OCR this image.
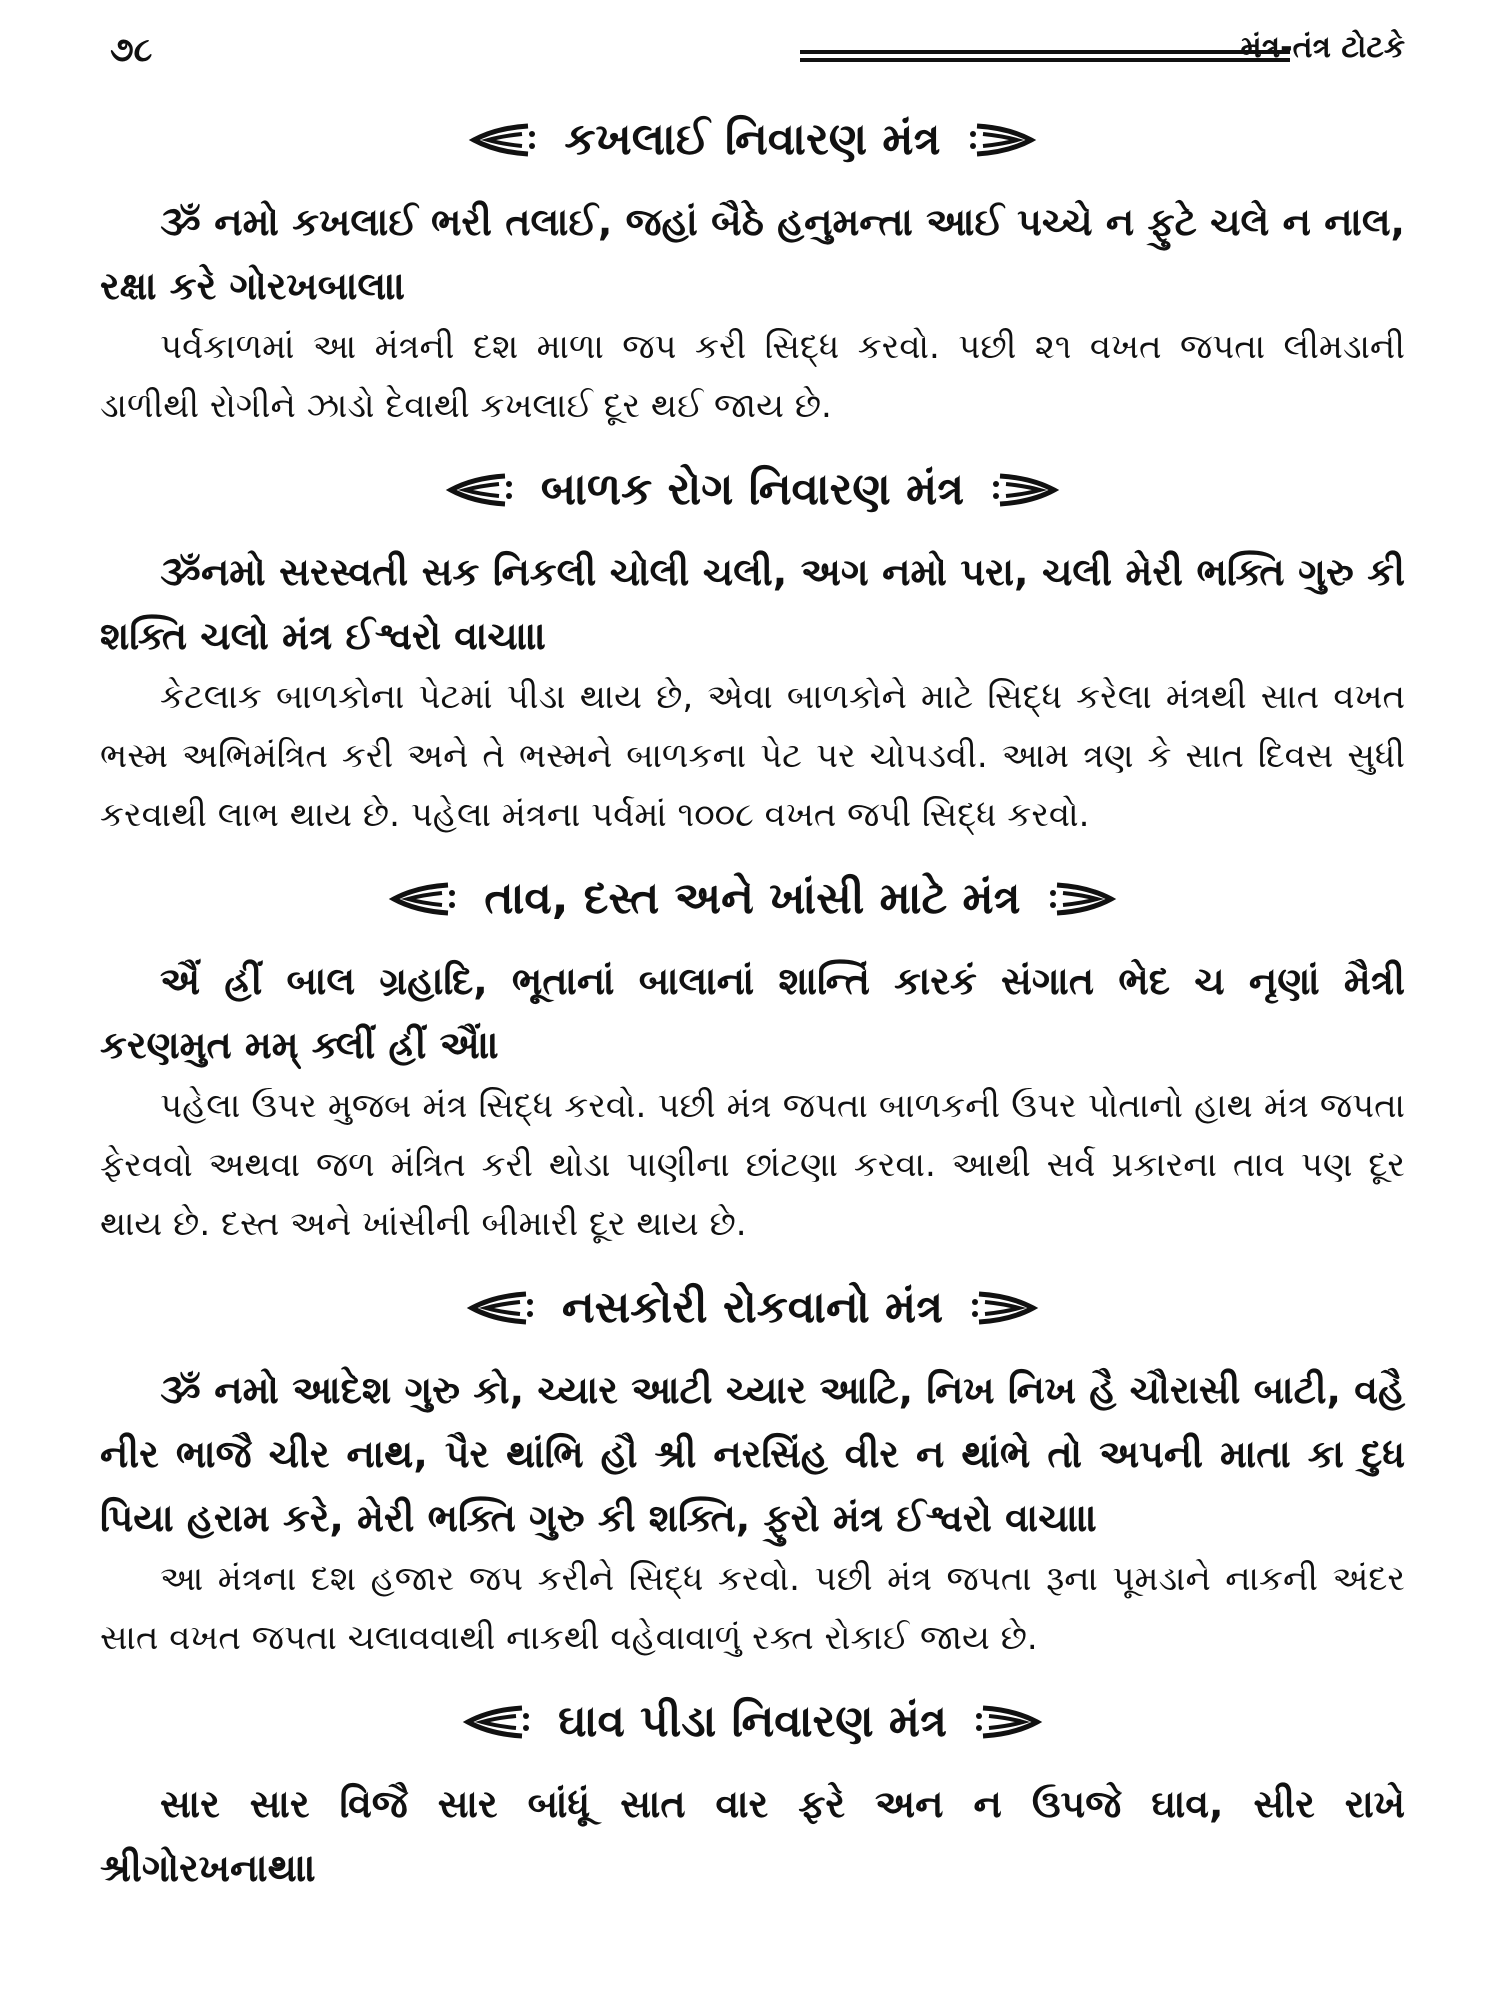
૭૮	મંત્ર-તંત્ર ટોટકે
કખલાઈ નિવારણ મંત્ર

ૐ નમો કખલાઈ ભરી તલાઈ, જહાં બૈઠે હનુમન્તા આઈ પચ્ચે ન ફુટે ચલે ન નાલ, રક્ષા કરે ગોરખબાલ॥

પર્વકાળમાં આ મંત્રની દશ માળા જપ કરી સિદ્ધ કરવો. પછી ૨૧ વખત જપતા લીમડાની ડાળીથી રોગીને ઝાડો દેવાથી કખલાઈ દૂર થઈ જાય છે.

બાળક રોગ નિવારણ મંત્ર

ૐનમો સરસ્વતી સક નિકલી ચોલી ચલી, અગ નમો પરા, ચલી મેરી ભક્તિ ગુરુ કી શક્તિ ચલો મંત્ર ઈશ્વરો વાચા॥

કેટલાક બાળકોના પેટમાં પીડા થાય છે, એવા બાળકોને માટે સિદ્ધ કરેલા મંત્રથી સાત વખત ભસ્મ અભિમંત્રિત કરી અને તે ભસ્મને બાળકના પેટ પર ચોપડવી. આમ ત્રણ કે સાત દિવસ સુધી કરવાથી લાભ થાય છે. પહેલા મંત્રના પર્વમાં ૧૦૦૮ વખત જપી સિદ્ધ કરવો.

તાવ, દસ્ત અને ખાંસી માટે મંત્ર

ઐં હ્રીં બાલ ગ્રહાદિ, ભૂતાનાં બાલાનાં શાન્તિં કારકં સંગાત ભેદ ચ નૃણાં મૈત્રી કરણમુત મમ્ ક્લીં હ્રીં ઐં॥

પહેલા ઉપર મુજબ મંત્ર સિદ્ધ કરવો. પછી મંત્ર જપતા બાળકની ઉપર પોતાનો હાથ મંત્ર જપતા ફેરવવો અથવા જળ મંત્રિત કરી થોડા પાણીના છાંટણા કરવા. આથી સર્વ પ્રકારના તાવ પણ દૂર થાય છે. દસ્ત અને ખાંસીની બીમારી દૂર થાય છે.

નસકોરી રોકવાનો મંત્ર

ૐ નમો આદેશ ગુરુ કો, ચ્યાર આટી ચ્યાર આટિ, નિખ નિખ હૈ ચૌરાસી બાટી, વહૈ નીર ભાજૈ ચીર નાથ, પૈર થાંભિ હૌ શ્રી નરસિંહ વીર ન થાંભે તો અપની માતા કા દુધ પિયા હરામ કરે, મેરી ભક્તિ ગુરુ કી શક્તિ, ફુરો મંત્ર ઈશ્વરો વાચા॥

આ મંત્રના દશ હજાર જપ કરીને સિદ્ધ કરવો. પછી મંત્ર જપતા રૂના પૂમડાને નાકની અંદર સાત વખત જપતા ચલાવવાથી નાકથી વહેવાવાળું રક્ત રોકાઈ જાય છે.

ઘાવ પીડા નિવારણ મંત્ર

સાર સાર વિજૈ સાર બાંધૂં સાત વાર ફરે અન ન ઉપજે ઘાવ, સીર રાખે શ્રીગોરખનાથ॥
